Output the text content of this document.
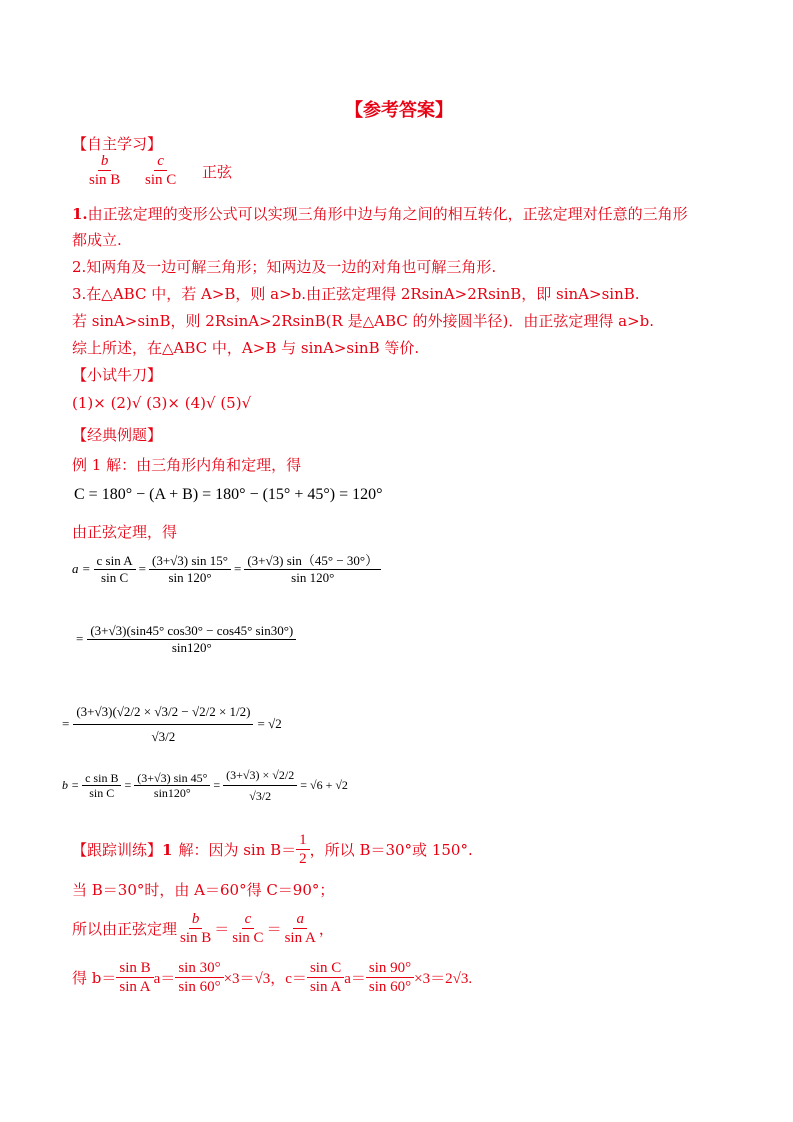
【参考答案】
【自主学习】
$\frac{b}{\text{sin B}} \frac{c}{\text{sin C}}$ 正弦
1.由正弦定理的变形公式可以实现三角形中边与角之间的相互转化，正弦定理对任意的三角形
都成立.
2.知两角及一边可解三角形；知两边及一边的对角也可解三角形.
3.在△ABC 中，若 A>B，则 a>b.由正弦定理得 2RsinA>2RsinB，即 sinA>sinB.
若 sinA>sinB，则 2RsinA>2RsinB(R 是△ABC 的外接圆半径)．由正弦定理得 a>b.
综上所述，在△ABC 中，A>B 与 sinA>sinB 等价.
【小试牛刀】
(1)× (2)√ (3)× (4)√ (5)√
【经典例题】
例 1 解：由三角形内角和定理，得
C = 180° − (A + B) = 180° − (15° + 45°) = 120°
由正弦定理，得
$a = \frac{\text{c sin A}}{\text{sin C}} = \frac{(3+√3) \sin 15^\circ}{\sin 120^\circ} = \frac{(3+√3) \sin(45^\circ - 30^\circ)}{\sin 120^\circ}$
= $\frac{(3+√3)(\sin 45^\circ \cos 30^\circ - \cos 45^\circ \sin 30^\circ)}{\sin 120^\circ}$
= $\frac{(3+√3)(√2/2 \times √3/2 - √2/2 \times 1/2)}{√3/2} = √2$
$b = \frac{\text{c sin B}}{\text{sin C}} = \frac{(3+√3) \sin 45^\circ}{\sin 120^\circ} = \frac{(3+√3) \times √2/2}{√3/2} = √6 + √2$
【跟踪训练】 1 解：因为 $\sin B= \frac{1}{2}$ ，所以 B＝30°或 150°.
当 B＝30°时，由 A＝60°得 C＝90°；
所以由正弦定理 $\frac{b}{\text{sin B}} = \frac{c}{\text{sin C}} = \frac{a}{\text{sin A}}$ ，
得 $b= \frac{\text{sin B}}{\text{sin A}} a= \frac{\sin 30^\circ}{\sin 60^\circ} \times 3=√3$，$c= \frac{\text{sin C}}{\text{sin A}} a= \frac{\sin 90^\circ}{\sin 60^\circ} \times 3=2√3$.
